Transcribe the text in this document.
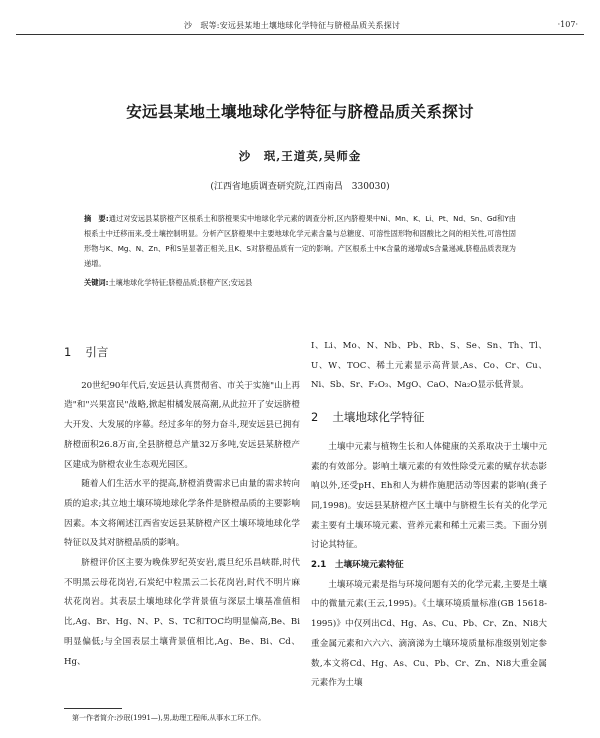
沙　珉等:安远县某地土壤地球化学特征与脐橙品质关系探讨	·107·
安远县某地土壤地球化学特征与脐橙品质关系探讨
沙　珉,王道英,吴师金
(江西省地质调查研究院,江西南昌　330030)
摘　要:通过对安远县某脐橙产区根系土和脐橙果实中地球化学元素的调查分析,区内脐橙果中Ni、Mn、K、Li、Pt、Nd、Sn、Gd和Y由根系土中迁移而来,受土壤控制明显。分析产区脐橙果中主要地球化学元素含量与总糖度、可溶性固形物和固酸比之间的相关性,可溶性固形物与K、Mg、N、Zn、P和S呈显著正相关,且K、S对脐橙品质有一定的影响。产区根系土中K含量的递增或S含量递减,脐橙品质表现为递增。
关键词:土壤地球化学特征;脐橙品质;脐橙产区;安远县
1 引言

20世纪90年代后,安远县认真贯彻省、市关于实施"山上再造"和"兴果富民"战略,掀起柑橘发展高潮,从此拉开了安远脐橙大开发、大发展的序幕。经过多年的努力奋斗,现安远县已拥有脐橙面积26.8万亩,全县脐橙总产量32万多吨,安远县某脐橙产区建成为脐橙农业生态观光园区。

随着人们生活水平的提高,脐橙消费需求已由量的需求转向质的追求;其立地土壤环境地球化学条件是脐橙品质的主要影响因素。本文将阐述江西省安远县某脐橙产区土壤环境地球化学特征以及其对脐橙品质的影响。

脐橙评价区主要为晚侏罗纪英安岩,震旦纪乐昌峡群,时代不明黑云母花岗岩,石炭纪中粒黑云二长花岗岩,时代不明片麻状花岗岩。其表层土壤地球化学背景值与深层土壤基准值相比,Ag、Br、Hg、N、P、S、TC和TOC均明显偏高,Be、Bi明显偏低;与全国表层土壤背景值相比,Ag、Be、Bi、Cd、Hg、

I、Li、Mo、N、Nb、Pb、Rb、S、Se、Sn、Th、Tl、U、W、TOC、稀土元素显示高背景,As、Co、Cr、Cu、Ni、Sb、Sr、F₂O₃、MgO、CaO、Na₂O显示低背景。

2 土壤地球化学特征

土壤中元素与植物生长和人体健康的关系取决于土壤中元素的有效部分。影响土壤元素的有效性除受元素的赋存状态影响以外,还受pH、Eh和人为耕作施肥活动等因素的影响(龚子同,1998)。安远县某脐橙产区土壤中与脐橙生长有关的化学元素主要有土壤环境元素、营养元素和稀土元素三类。下面分别讨论其特征。

2.1　 土壤环境元素特征

土壤环境元素是指与环境问题有关的化学元素,主要是土壤中的微量元素(王云,1995)。《土壤环境质量标准(GB 15618-1995)》中仅列出Cd、Hg、As、Cu、Pb、Cr、Zn、Ni8大重金属元素和六六六、滴滴涕为土壤环境质量标准级别划定参数,本文将Cd、Hg、As、Cu、Pb、Cr、Zn、Ni8大重金属元素作为土壤

第一作者简介:沙珉(1991—),男,助理工程师,从事水工环工作。
